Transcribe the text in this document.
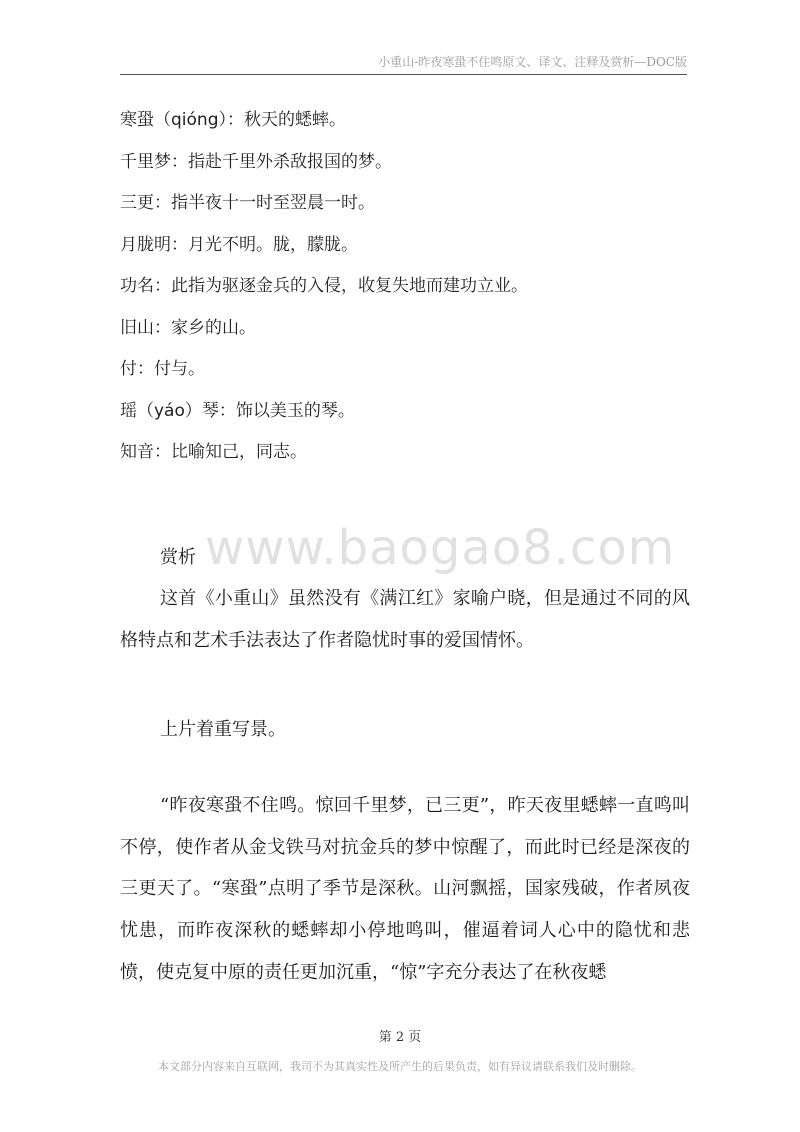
小重山-昨夜寒蛩不住鸣原文、译文、注释及赏析—DOC版
寒蛩（qióng）：秋天的蟋蟀。
千里梦：指赴千里外杀敌报国的梦。
三更：指半夜十一时至翌晨一时。
月胧明：月光不明。胧，朦胧。
功名：此指为驱逐金兵的入侵，收复失地而建功立业。
旧山：家乡的山。
付：付与。
瑶（yáo）琴：饰以美玉的琴。
知音：比喻知己，同志。
www.baogao8.com
赏析
这首《小重山》虽然没有《满江红》家喻户晓，但是通过不同的风格特点和艺术手法表达了作者隐忧时事的爱国情怀。
上片着重写景。
“昨夜寒蛩不住鸣。惊回千里梦，已三更”，昨天夜里蟋蟀一直鸣叫不停，使作者从金戈铁马对抗金兵的梦中惊醒了，而此时已经是深夜的三更天了。“寒蛩”点明了季节是深秋。山河飘摇，国家残破，作者夙夜忧患，而昨夜深秋的蟋蟀却小停地鸣叫，催逼着词人心中的隐忧和悲愤，使克复中原的责任更加沉重，“惊”字充分表达了在秋夜蟋
第 2 页
本文部分内容来自互联网，我司不为其真实性及所产生的后果负责，如有异议请联系我们及时删除。
